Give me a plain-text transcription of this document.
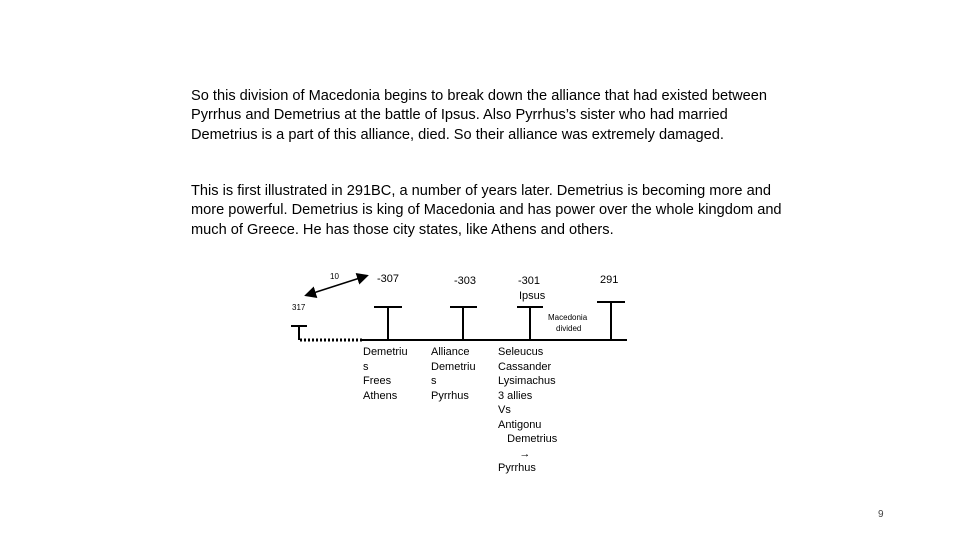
So this division of Macedonia begins to break down the alliance that had existed between Pyrrhus and Demetrius at the battle of Ipsus. Also Pyrrhus’s sister who had married Demetrius is a part of this alliance, died. So their alliance was extremely damaged.

This is first illustrated in 291BC, a number of years later. Demetrius is becoming more and more powerful. Demetrius is king of Macedonia and has power over the whole kingdom and much of Greece. He has those city states, like Athens and others.

10
317
-307	-303	-301
Ipsus
291
Macedonia
divided
Demetriu
s
Frees
Athens
Alliance
Demetriu
s
Pyrrhus
Seleucus
Cassander
Lysimachus
3 allies
Vs
Antigonu
Demetrius
→
Pyrrhus
9
